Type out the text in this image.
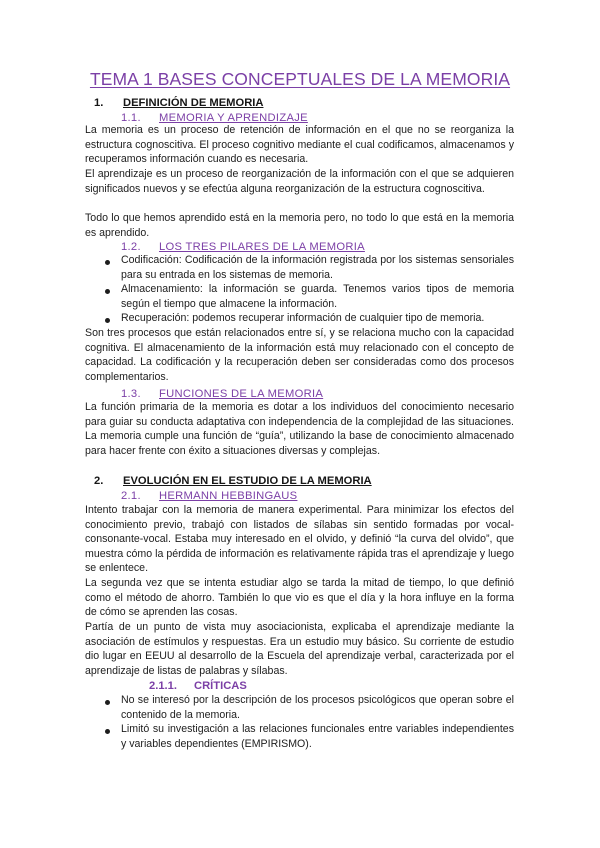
TEMA 1 BASES CONCEPTUALES DE LA MEMORIA
1. DEFINICIÓN DE MEMORIA
1.1. MEMORIA Y APRENDIZAJE

La memoria es un proceso de retención de información en el que no se reorganiza la estructura cognoscitiva. El proceso cognitivo mediante el cual codificamos, almacenamos y recuperamos información cuando es necesaria.

El aprendizaje es un proceso de reorganización de la información con el que se adquieren significados nuevos y se efectúa alguna reorganización de la estructura cognoscitiva.

Todo lo que hemos aprendido está en la memoria pero, no todo lo que está en la memoria es aprendido.

1.2. LOS TRES PILARES DE LA MEMORIA

Codificación: Codificación de la información registrada por los sistemas sensoriales para su entrada en los sistemas de memoria.

Almacenamiento: la información se guarda. Tenemos varios tipos de memoria según el tiempo que almacene la información.

Recuperación: podemos recuperar información de cualquier tipo de memoria.

Son tres procesos que están relacionados entre sí, y se relaciona mucho con la capacidad cognitiva. El almacenamiento de la información está muy relacionado con el concepto de capacidad. La codificación y la recuperación deben ser consideradas como dos procesos complementarios.

1.3. FUNCIONES DE LA MEMORIA

La función primaria de la memoria es dotar a los individuos del conocimiento necesario para guiar su conducta adaptativa con independencia de la complejidad de las situaciones. La memoria cumple una función de “guía”, utilizando la base de conocimiento almacenado para hacer frente con éxito a situaciones diversas y complejas.

2. EVOLUCIÓN EN EL ESTUDIO DE LA MEMORIA
2.1. HERMANN HEBBINGAUS

Intento trabajar con la memoria de manera experimental. Para minimizar los efectos del conocimiento previo, trabajó con listados de sílabas sin sentido formadas por vocal-consonante-vocal. Estaba muy interesado en el olvido, y definió “la curva del olvido”, que muestra cómo la pérdida de información es relativamente rápida tras el aprendizaje y luego se enlentece.

La segunda vez que se intenta estudiar algo se tarda la mitad de tiempo, lo que definió como el método de ahorro. También lo que vio es que el día y la hora influye en la forma de cómo se aprenden las cosas.

Partía de un punto de vista muy asociacionista, explicaba el aprendizaje mediante la asociación de estímulos y respuestas. Era un estudio muy básico. Su corriente de estudio dio lugar en EEUU al desarrollo de la Escuela del aprendizaje verbal, caracterizada por el aprendizaje de listas de palabras y sílabas.

2.1.1. CRÍTICAS

No se interesó por la descripción de los procesos psicológicos que operan sobre el contenido de la memoria.

Limitó su investigación a las relaciones funcionales entre variables independientes y variables dependientes (EMPIRISMO).
